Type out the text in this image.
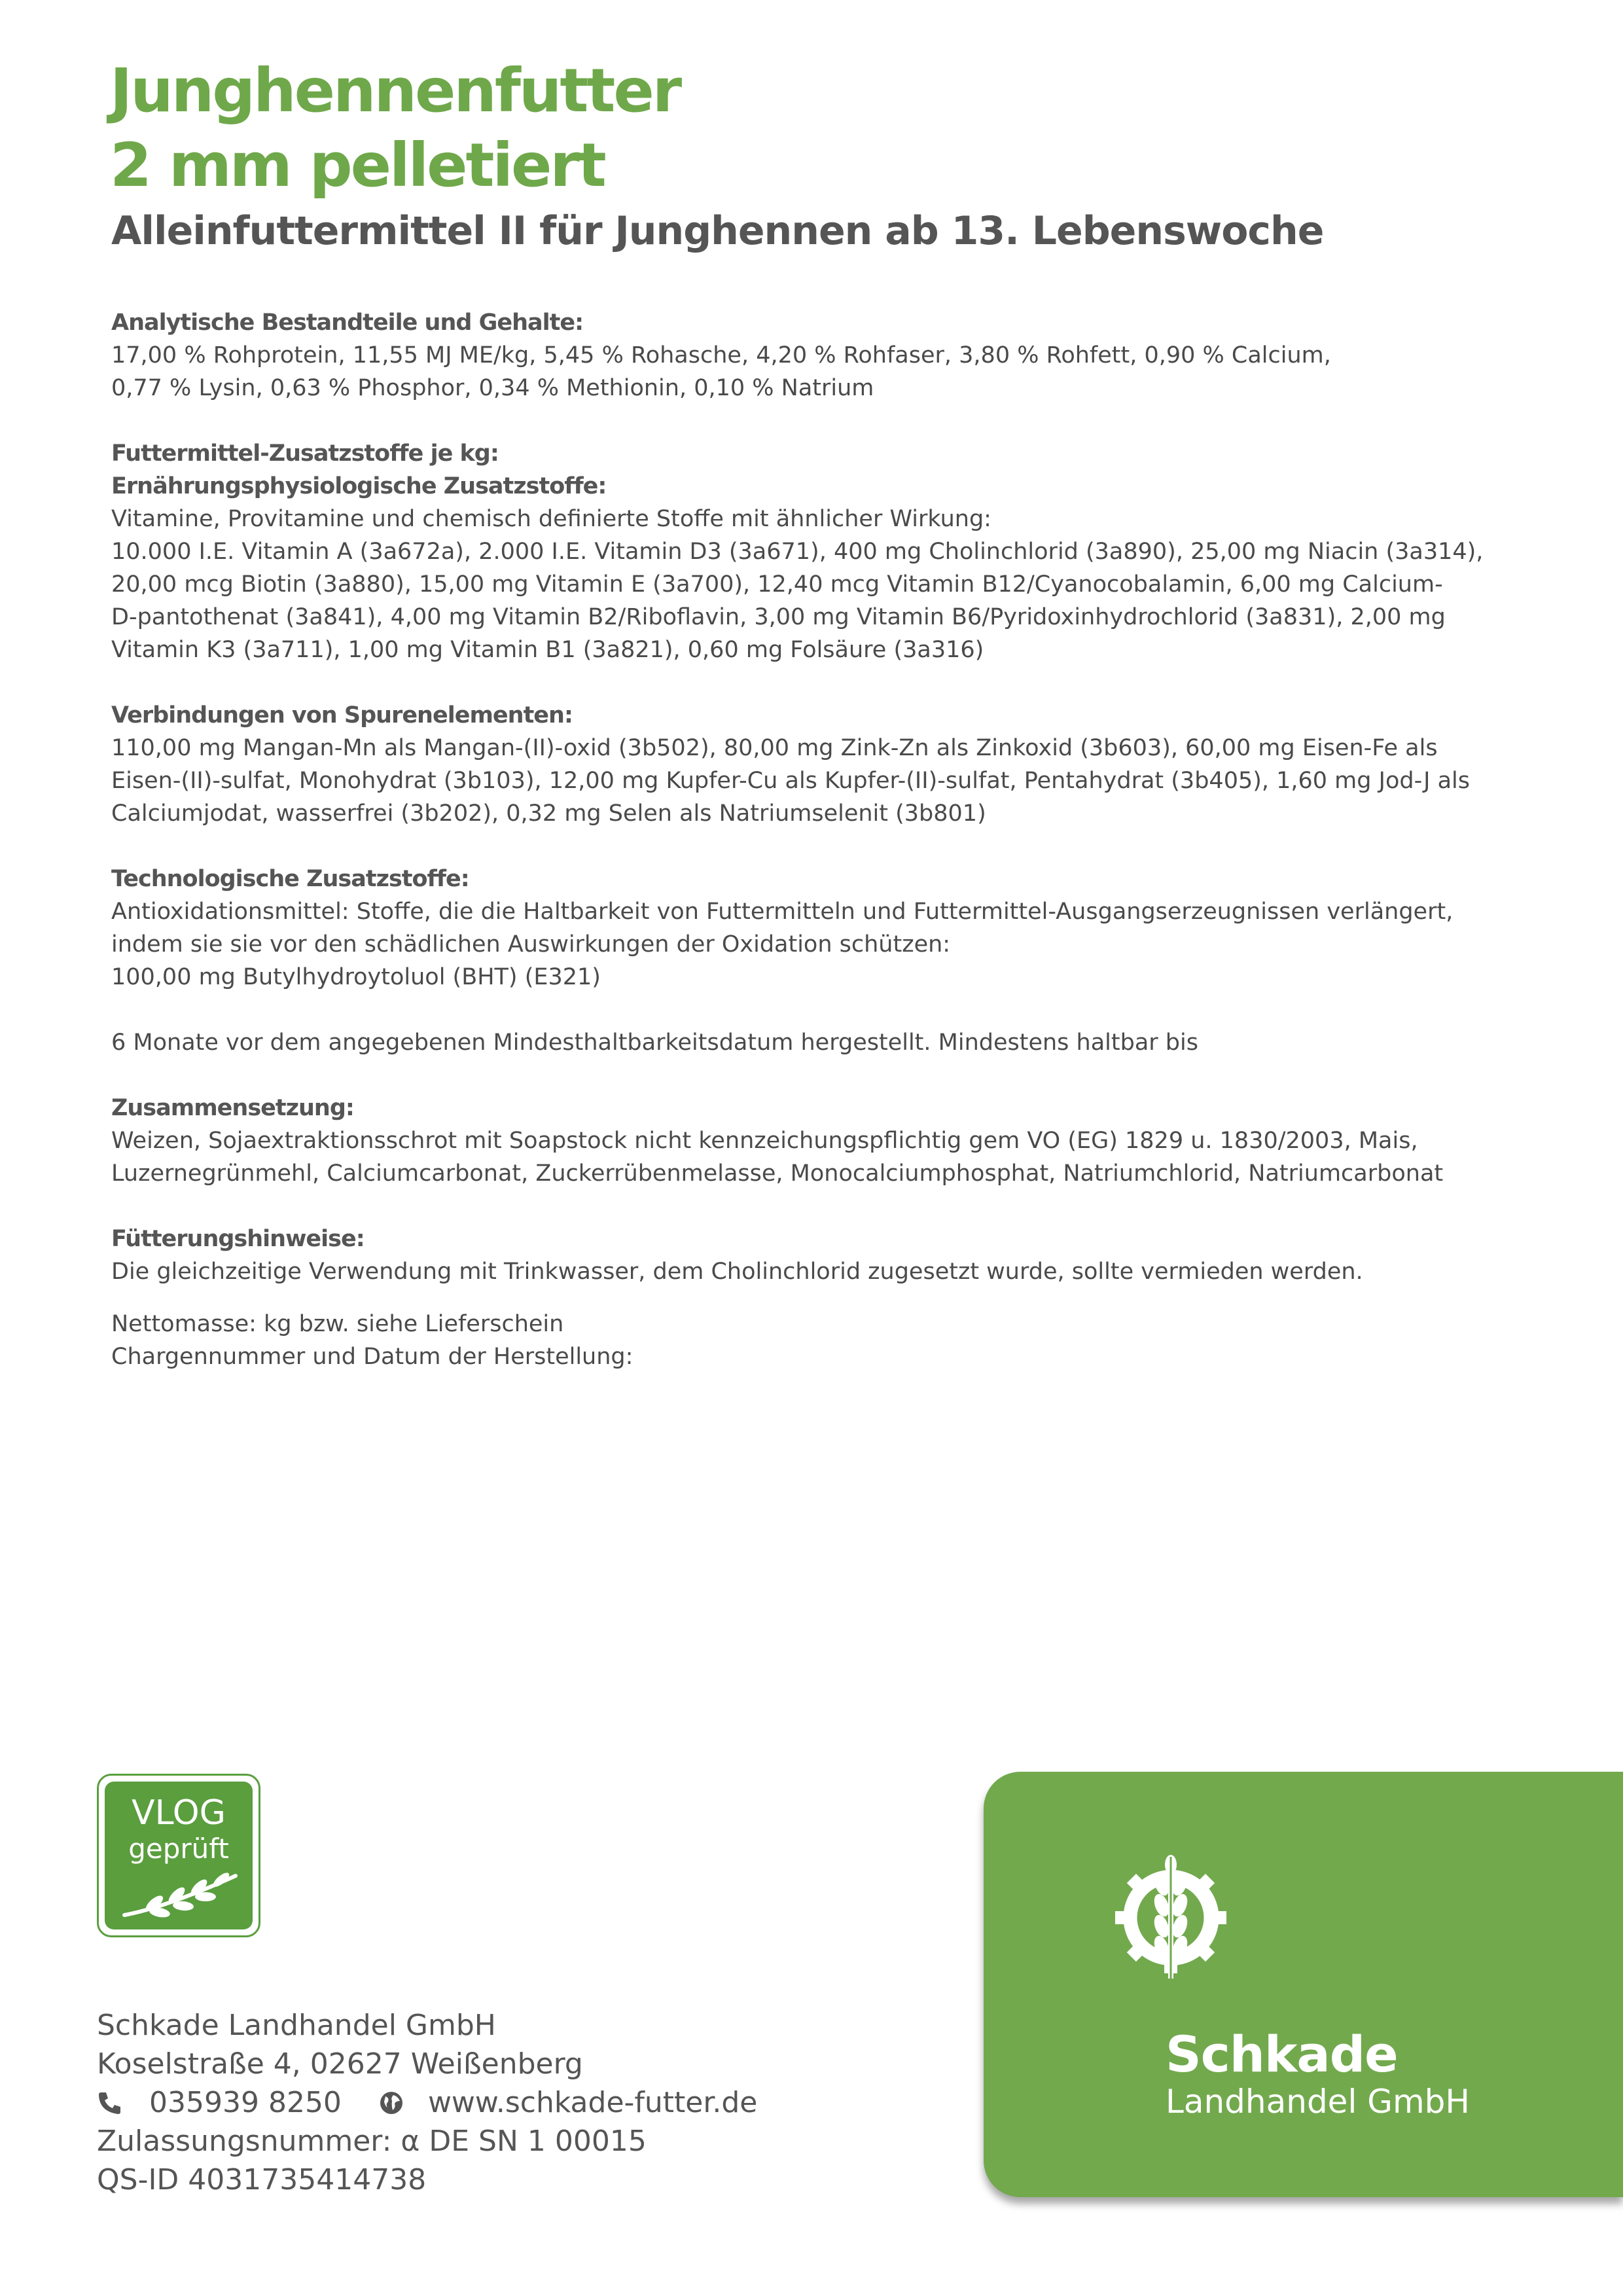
Junghennenfutter
2 mm pelletiert
Alleinfuttermittel II für Junghennen ab 13. Lebenswoche

Analytische Bestandteile und Gehalte:

17,00 % Rohprotein, 11,55 MJ ME/kg, 5,45 % Rohasche, 4,20 % Rohfaser, 3,80 % Rohfett, 0,90 % Calcium,

0,77 % Lysin, 0,63 % Phosphor, 0,34 % Methionin, 0,10 % Natrium

Futtermittel-Zusatzstoffe je kg:

Ernährungsphysiologische Zusatzstoffe:

Vitamine, Provitamine und chemisch definierte Stoffe mit ähnlicher Wirkung:

10.000 I.E. Vitamin A (3a672a), 2.000 I.E. Vitamin D3 (3a671), 400 mg Cholinchlorid (3a890), 25,00 mg Niacin (3a314),

20,00 mcg Biotin (3a880), 15,00 mg Vitamin E (3a700), 12,40 mcg Vitamin B12/Cyanocobalamin, 6,00 mg Calcium-

D-pantothenat (3a841), 4,00 mg Vitamin B2/Riboflavin, 3,00 mg Vitamin B6/Pyridoxinhydrochlorid (3a831), 2,00 mg

Vitamin K3 (3a711), 1,00 mg Vitamin B1 (3a821), 0,60 mg Folsäure (3a316)

Verbindungen von Spurenelementen:

110,00 mg Mangan-Mn als Mangan-(II)-oxid (3b502), 80,00 mg Zink-Zn als Zinkoxid (3b603), 60,00 mg Eisen-Fe als

Eisen-(II)-sulfat, Monohydrat (3b103), 12,00 mg Kupfer-Cu als Kupfer-(II)-sulfat, Pentahydrat (3b405), 1,60 mg Jod-J als

Calciumjodat, wasserfrei (3b202), 0,32 mg Selen als Natriumselenit (3b801)

Technologische Zusatzstoffe:

Antioxidationsmittel: Stoffe, die die Haltbarkeit von Futtermitteln und Futtermittel-Ausgangserzeugnissen verlängert,

indem sie sie vor den schädlichen Auswirkungen der Oxidation schützen:

100,00 mg Butylhydroytoluol (BHT) (E321)

6 Monate vor dem angegebenen Mindesthaltbarkeitsdatum hergestellt. Mindestens haltbar bis

Zusammensetzung:

Weizen, Sojaextraktionsschrot mit Soapstock nicht kennzeichungspflichtig gem VO (EG) 1829 u. 1830/2003, Mais,

Luzernegrünmehl, Calciumcarbonat, Zuckerrübenmelasse, Monocalciumphosphat, Natriumchlorid, Natriumcarbonat

Fütterungshinweise:

Die gleichzeitige Verwendung mit Trinkwasser, dem Cholinchlorid zugesetzt wurde, sollte vermieden werden.

Nettomasse: kg bzw. siehe Lieferschein

Chargennummer und Datum der Herstellung:

VLOG
geprüft
Schkade Landhandel GmbH
Koselstraße 4, 02627 Weißenberg
035939 8250	www.schkade-futter.de
Zulassungsnummer: α DE SN 1 00015
QS-ID 4031735414738
Schkade
Landhandel GmbH
